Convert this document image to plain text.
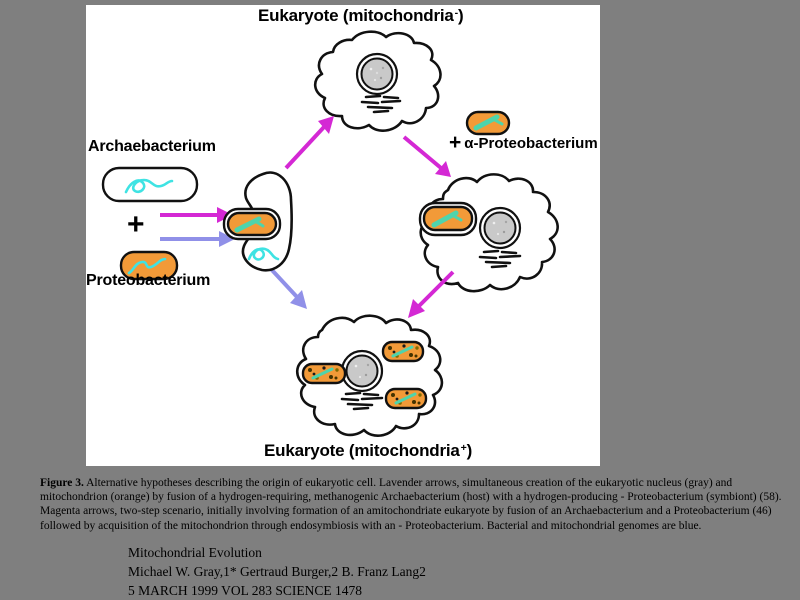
Eukaryote (mitochondria-)
Archaebacterium
+
Proteobacterium
+ α-Proteobacterium
Eukaryote (mitochondria+)
Figure 3. Alternative hypotheses describing the origin of eukaryotic cell. Lavender arrows, simultaneous creation of the eukaryotic nucleus (gray) and
mitochondrion (orange) by fusion of a hydrogen-requiring, methanogenic Archaebacterium (host) with a hydrogen-producing - Proteobacterium (symbiont) (58).
Magenta arrows, two-step scenario, initially involving formation of an amitochondriate eukaryote by fusion of an Archaebacterium and a Proteobacterium (46)
followed by acquisition of the mitochondrion through endosymbiosis with an - Proteobacterium. Bacterial and mitochondrial genomes are blue.
Mitochondrial Evolution
Michael W. Gray,1* Gertraud Burger,2 B. Franz Lang2
5 MARCH 1999 VOL 283 SCIENCE 1478
